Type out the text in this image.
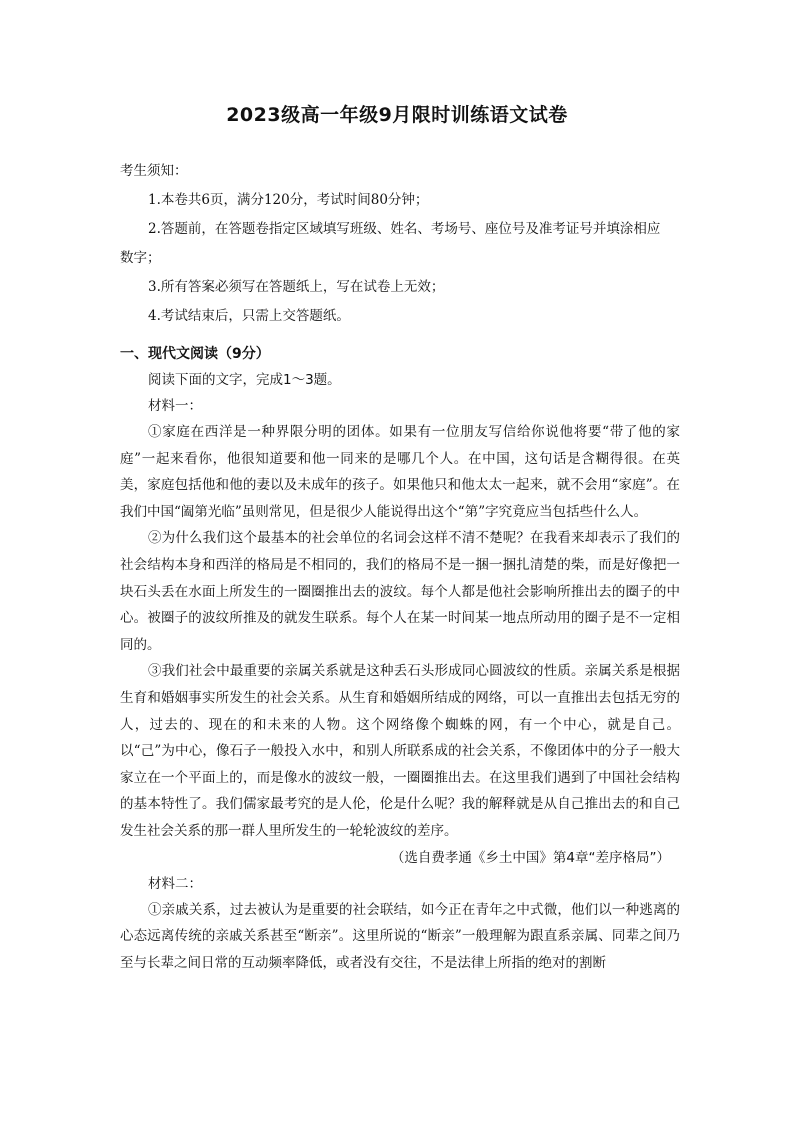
2023级高一年级9月限时训练语文试卷
考生须知：
1.本卷共6页，满分120分，考试时间80分钟；
2.答题前，在答题卷指定区域填写班级、姓名、考场号、座位号及准考证号并填涂相应
数字；
3.所有答案必须写在答题纸上，写在试卷上无效；
4.考试结束后，只需上交答题纸。
一、现代文阅读（9分）
阅读下面的文字，完成1～3题。
材料一：

①家庭在西洋是一种界限分明的团体。如果有一位朋友写信给你说他将要“带了他的家庭”一起来看你，他很知道要和他一同来的是哪几个人。在中国，这句话是含糊得很。在英美，家庭包括他和他的妻以及未成年的孩子。如果他只和他太太一起来，就不会用“家庭”。在我们中国“阖第光临”虽则常见，但是很少人能说得出这个“第”字究竟应当包括些什么人。

②为什么我们这个最基本的社会单位的名词会这样不清不楚呢？在我看来却表示了我们的社会结构本身和西洋的格局是不相同的，我们的格局不是一捆一捆扎清楚的柴，而是好像把一块石头丢在水面上所发生的一圈圈推出去的波纹。每个人都是他社会影响所推出去的圈子的中心。被圈子的波纹所推及的就发生联系。每个人在某一时间某一地点所动用的圈子是不一定相同的。

③我们社会中最重要的亲属关系就是这种丢石头形成同心圆波纹的性质。亲属关系是根据生育和婚姻事实所发生的社会关系。从生育和婚姻所结成的网络，可以一直推出去包括无穷的人，过去的、现在的和未来的人物。这个网络像个蜘蛛的网，有一个中心，就是自己。以“己”为中心，像石子一般投入水中，和别人所联系成的社会关系，不像团体中的分子一般大家立在一个平面上的，而是像水的波纹一般，一圈圈推出去。在这里我们遇到了中国社会结构的基本特性了。我们儒家最考究的是人伦，伦是什么呢？我的解释就是从自己推出去的和自己发生社会关系的那一群人里所发生的一轮轮波纹的差序。

（选自费孝通《乡土中国》第4章“差序格局”）
材料二：

①亲戚关系，过去被认为是重要的社会联结，如今正在青年之中式微，他们以一种逃离的心态远离传统的亲戚关系甚至“断亲”。这里所说的“断亲”一般理解为跟直系亲属、同辈之间乃至与长辈之间日常的互动频率降低，或者没有交往，不是法律上所指的绝对的割断
